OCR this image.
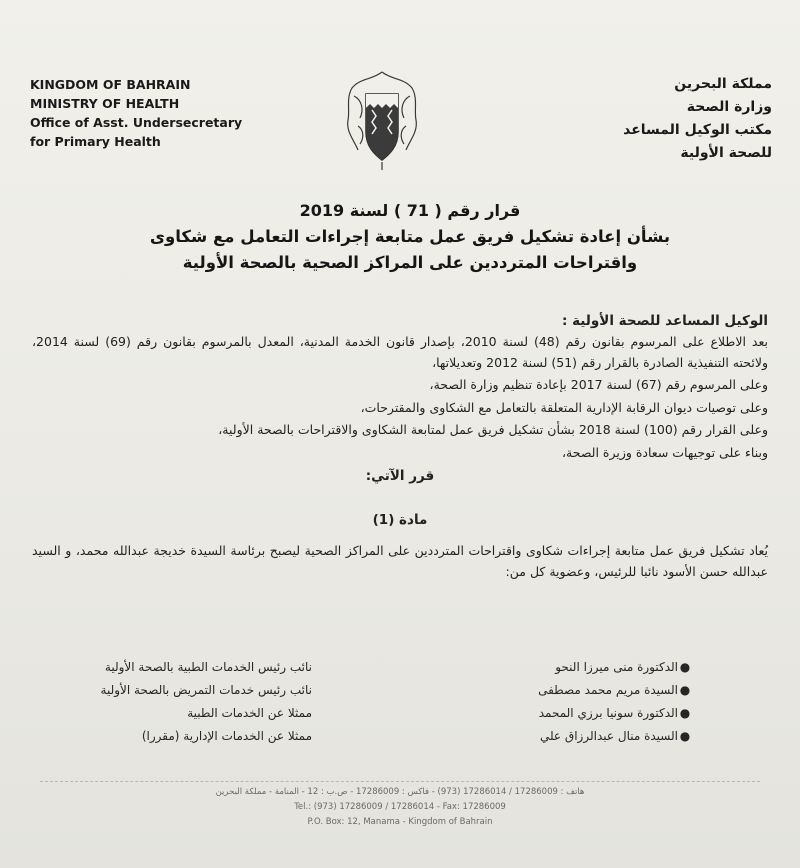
KINGDOM OF BAHRAIN
MINISTRY OF HEALTH
Office of Asst. Undersecretary
for Primary Health
مملكة البحرين
وزارة الصحة
مكتب الوكيل المساعد
للصحة الأولية
قرار رقم ( 71 ) لسنة 2019
بشأن إعادة تشكيل فريق عمل متابعة إجراءات التعامل مع شكاوى
واقتراحات المترددين على المراكز الصحية بالصحة الأولية
الوكيل المساعد للصحة الأولية :

بعد الاطلاع على المرسوم بقانون رقم (48) لسنة 2010، بإصدار قانون الخدمة المدنية، المعدل بالمرسوم بقانون رقم (69) لسنة 2014، ولائحته التنفيذية الصادرة بالقرار رقم (51) لسنة 2012 وتعديلاتها،

وعلى المرسوم رقم (67) لسنة 2017 بإعادة تنظيم وزارة الصحة،

وعلى توصيات ديوان الرقابة الإدارية المتعلقة بالتعامل مع الشكاوى والمقترحات،

وعلى القرار رقم (100) لسنة 2018 بشأن تشكيل فريق عمل لمتابعة الشكاوى والاقتراحات بالصحة الأولية،

وبناء على توجيهات سعادة وزيرة الصحة،

قرر الآتي:
مادة (1)

يُعاد تشكيل فريق عمل متابعة إجراءات شكاوى واقتراحات المترددين على المراكز الصحية ليصبح برئاسة السيدة خديجة عبدالله محمد، و السيد عبدالله حسن الأسود نائبا للرئيس، وعضوية كل من:

●
الدكتورة منى ميرزا النحو
نائب رئيس الخدمات الطبية بالصحة الأولية
●
السيدة مريم محمد مصطفى
نائب رئيس خدمات التمريض بالصحة الأولية
●
الدكتورة سونيا برزي المحمد
ممثلا عن الخدمات الطبية
●
السيدة منال عبدالرزاق علي
ممثلا عن الخدمات الإدارية (مقررا)
هاتف : 17286009 / 17286014 (973) - فاكس : 17286009 - ص.ب : 12 - المنامة - مملكة البحرين
Tel.: (973) 17286009 / 17286014 - Fax: 17286009
P.O. Box: 12, Manama - Kingdom of Bahrain
